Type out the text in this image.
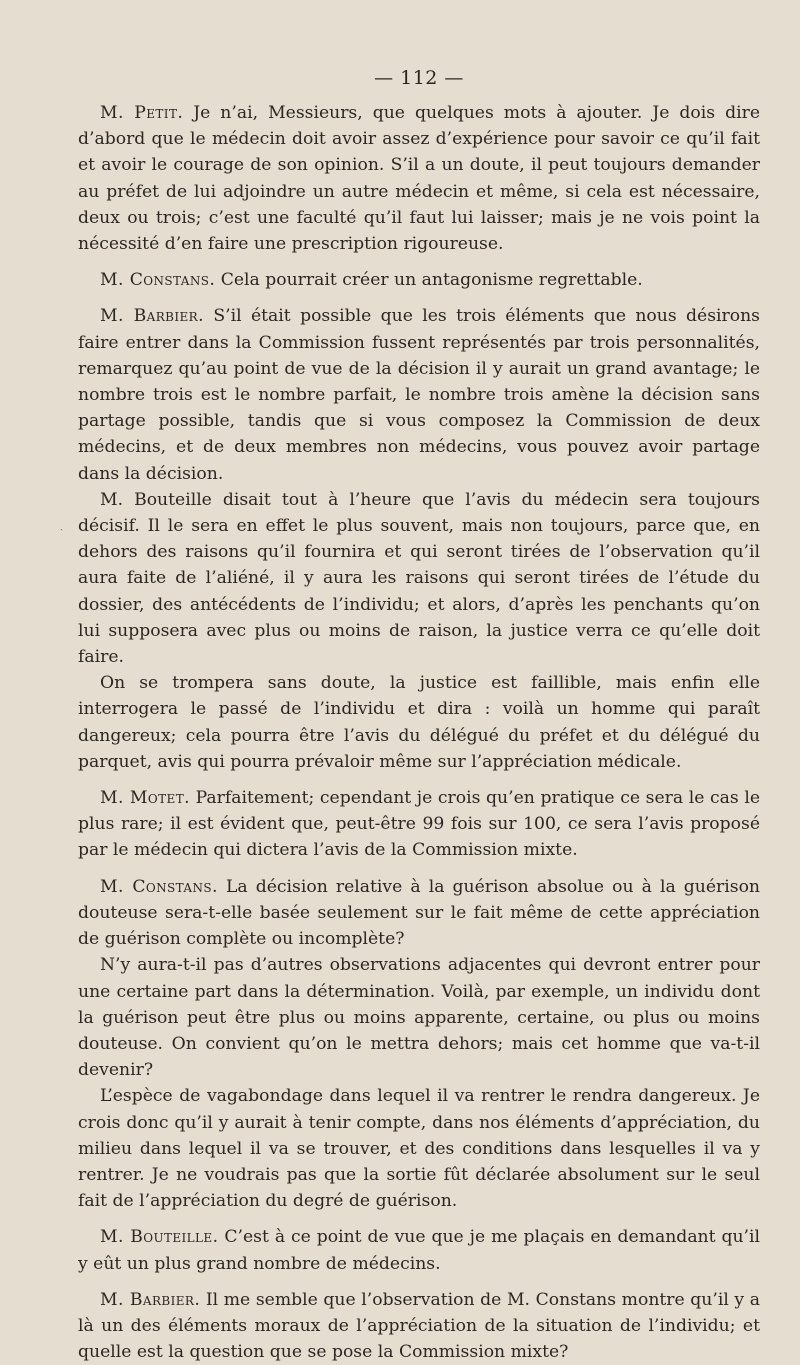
— 112 —

M. Petit. Je n’ai, Messieurs, que quelques mots à ajouter. Je dois dire d’abord que le médecin doit avoir assez d’expérience pour savoir ce qu’il fait et avoir le courage de son opinion. S’il a un doute, il peut toujours demander au préfet de lui adjoindre un autre médecin et même, si cela est nécessaire, deux ou trois; c’est une faculté qu’il faut lui laisser; mais je ne vois point la nécessité d’en faire une prescription rigoureuse.

M. Constans. Cela pourrait créer un antagonisme regrettable.

M. Barbier. S’il était possible que les trois éléments que nous désirons faire entrer dans la Commission fussent représentés par trois personnalités, remarquez qu’au point de vue de la décision il y aurait un grand avantage; le nombre trois est le nombre parfait, le nombre trois amène la décision sans partage possible, tandis que si vous composez la Commission de deux médecins, et de deux membres non médecins, vous pouvez avoir partage dans la décision.

M. Bouteille disait tout à l’heure que l’avis du médecin sera toujours décisif. Il le sera en effet le plus souvent, mais non toujours, parce que, en dehors des raisons qu’il fournira et qui seront tirées de l’observation qu’il aura faite de l’aliéné, il y aura les raisons qui seront tirées de l’étude du dossier, des antécédents de l’individu; et alors, d’après les penchants qu’on lui supposera avec plus ou moins de raison, la justice verra ce qu’elle doit faire.

On se trompera sans doute, la justice est faillible, mais enfin elle interrogera le passé de l’individu et dira : voilà un homme qui paraît dangereux; cela pourra être l’avis du délégué du préfet et du délégué du parquet, avis qui pourra prévaloir même sur l’appréciation médicale.

M. Motet. Parfaitement; cependant je crois qu’en pratique ce sera le cas le plus rare; il est évident que, peut-être 99 fois sur 100, ce sera l’avis proposé par le médecin qui dictera l’avis de la Commission mixte.

M. Constans. La décision relative à la guérison absolue ou à la guérison douteuse sera-t-elle basée seulement sur le fait même de cette appréciation de guérison complète ou incomplète?

N’y aura-t-il pas d’autres observations adjacentes qui devront entrer pour une certaine part dans la détermination. Voilà, par exemple, un individu dont la guérison peut être plus ou moins apparente, certaine, ou plus ou moins douteuse. On convient qu’on le mettra dehors; mais cet homme que va-t-il devenir?

L’espèce de vagabondage dans lequel il va rentrer le rendra dangereux. Je crois donc qu’il y aurait à tenir compte, dans nos éléments d’appréciation, du milieu dans lequel il va se trouver, et des conditions dans lesquelles il va y rentrer. Je ne voudrais pas que la sortie fût déclarée absolument sur le seul fait de l’appréciation du degré de guérison.

M. Bouteille. C’est à ce point de vue que je me plaçais en demandant qu’il y eût un plus grand nombre de médecins.

M. Barbier. Il me semble que l’observation de M. Constans montre qu’il y a là un des éléments moraux de l’appréciation de la situation de l’individu; et quelle est la question que se pose la Commission mixte?

ˏ
